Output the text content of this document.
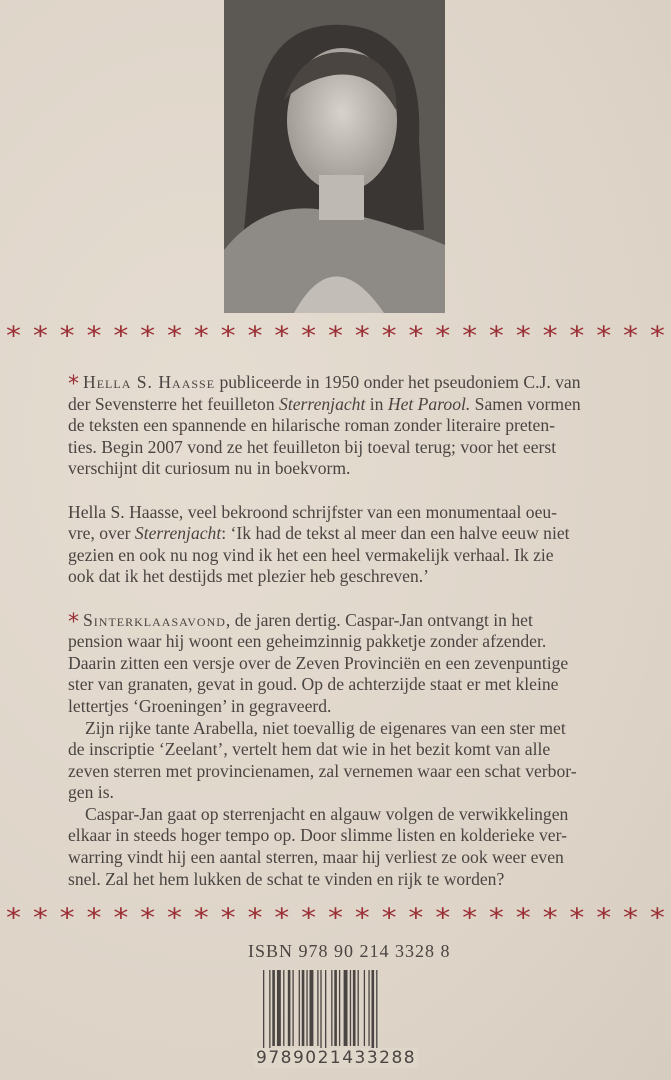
* * * * * * * * * * * * * * * * * * * * * * * * *
* Hella S. Haasse publiceerde in 1950 onder het pseudoniem C.J. van
der Sevensterre het feuilleton Sterrenjacht in Het Parool. Samen vormen
de teksten een spannende en hilarische roman zonder literaire preten-
ties. Begin 2007 vond ze het feuilleton bij toeval terug; voor het eerst
verschijnt dit curiosum nu in boekvorm.
Hella S. Haasse, veel bekroond schrijfster van een monumentaal oeu-
vre, over Sterrenjacht: ‘Ik had de tekst al meer dan een halve eeuw niet
gezien en ook nu nog vind ik het een heel vermakelijk verhaal. Ik zie
ook dat ik het destijds met plezier heb geschreven.’
* Sinterklaasavond, de jaren dertig. Caspar-Jan ontvangt in het
pension waar hij woont een geheimzinnig pakketje zonder afzender.
Daarin zitten een versje over de Zeven Provinciën en een zevenpuntige
ster van granaten, gevat in goud. Op de achterzijde staat er met kleine
lettertjes ‘Groeningen’ in gegraveerd.
Zijn rijke tante Arabella, niet toevallig de eigenares van een ster met
de inscriptie ‘Zeelant’, vertelt hem dat wie in het bezit komt van alle
zeven sterren met provincienamen, zal vernemen waar een schat verbor-
gen is.
Caspar-Jan gaat op sterrenjacht en algauw volgen de verwikkelingen
elkaar in steeds hoger tempo op. Door slimme listen en kolderieke ver-
warring vindt hij een aantal sterren, maar hij verliest ze ook weer even
snel. Zal het hem lukken de schat te vinden en rijk te worden?
* * * * * * * * * * * * * * * * * * * * * * * * *
ISBN 978 90 214 3328 8
9789021433288
